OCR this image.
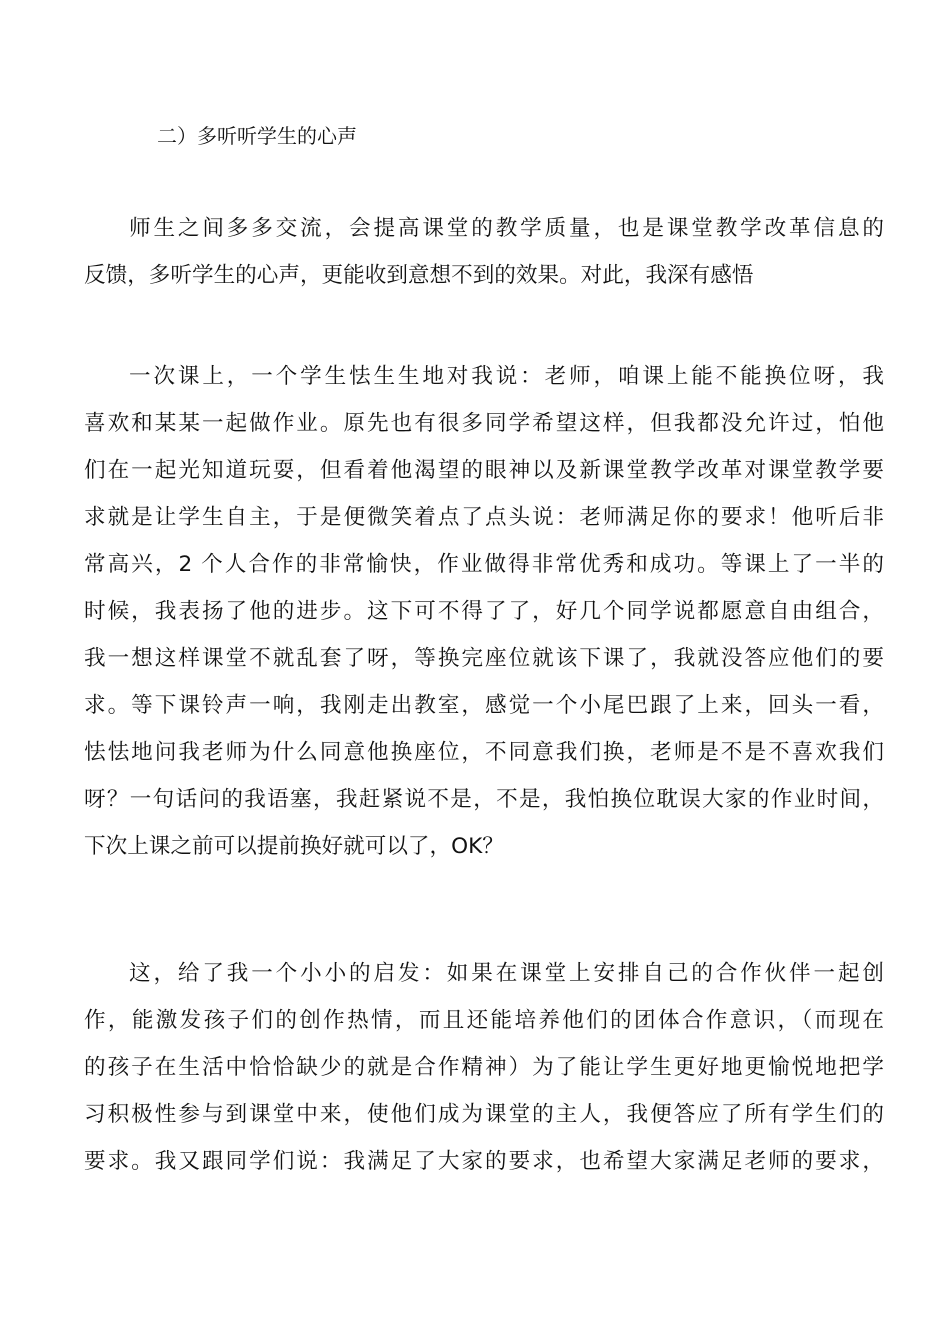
二）多听听学生的心声
师生之间多多交流，会提高课堂的教学质量，也是课堂教学改革信息的
反馈，多听学生的心声，更能收到意想不到的效果。对此，我深有感悟
一次课上，一个学生怯生生地对我说：老师，咱课上能不能换位呀，我
喜欢和某某一起做作业。原先也有很多同学希望这样，但我都没允许过，怕他
们在一起光知道玩耍，但看着他渴望的眼神以及新课堂教学改革对课堂教学要
求就是让学生自主，于是便微笑着点了点头说：老师满足你的要求！他听后非
常高兴，2 个人合作的非常愉快，作业做得非常优秀和成功。等课上了一半的
时候，我表扬了他的进步。这下可不得了了，好几个同学说都愿意自由组合，
我一想这样课堂不就乱套了呀，等换完座位就该下课了，我就没答应他们的要
求。等下课铃声一响，我刚走出教室，感觉一个小尾巴跟了上来，回头一看，
怯怯地问我老师为什么同意他换座位，不同意我们换，老师是不是不喜欢我们
呀？一句话问的我语塞，我赶紧说不是，不是，我怕换位耽误大家的作业时间，
下次上课之前可以提前换好就可以了，OK？
这，给了我一个小小的启发：如果在课堂上安排自己的合作伙伴一起创
作，能激发孩子们的创作热情，而且还能培养他们的团体合作意识，（而现在
的孩子在生活中恰恰缺少的就是合作精神）为了能让学生更好地更愉悦地把学
习积极性参与到课堂中来，使他们成为课堂的主人，我便答应了所有学生们的
要求。我又跟同学们说：我满足了大家的要求，也希望大家满足老师的要求，
